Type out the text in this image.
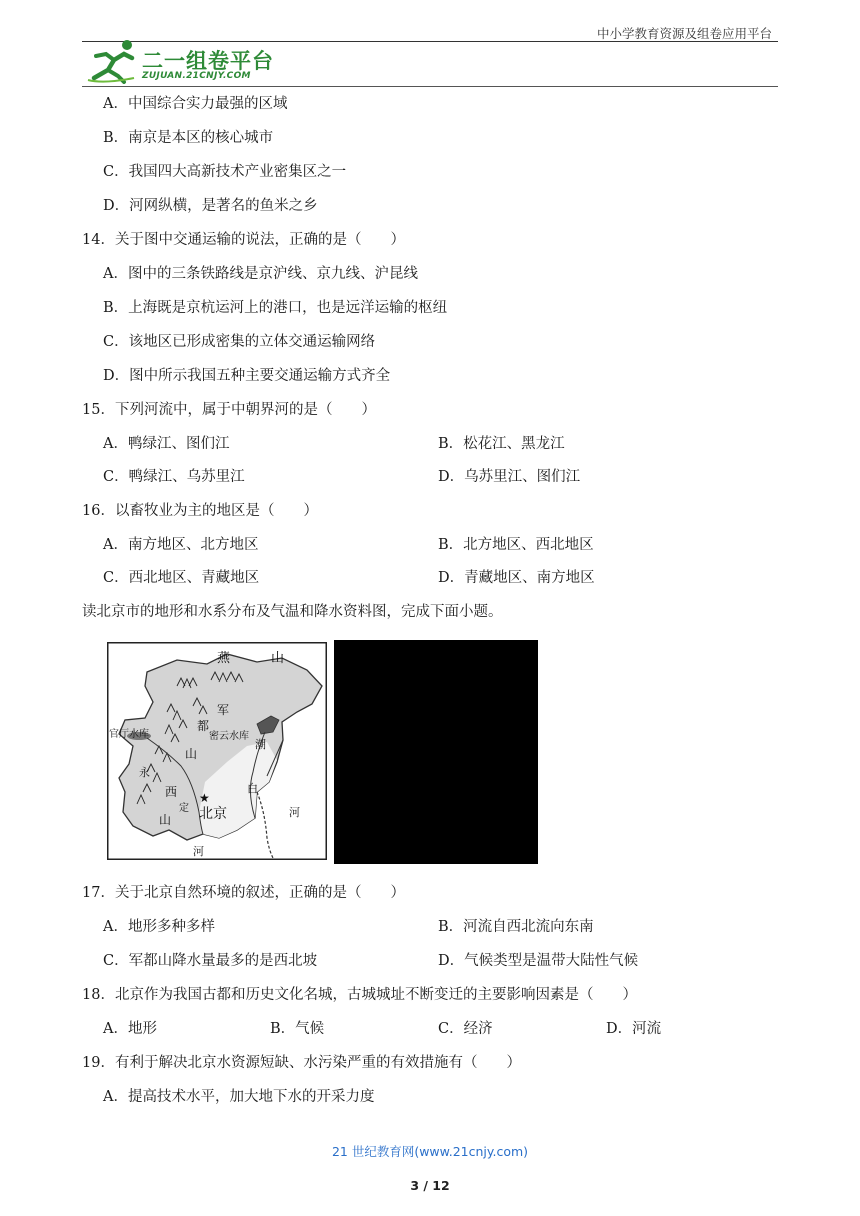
中小学教育资源及组卷应用平台
二一组卷平台
ZUJUAN.21CNJY.COM
A．中国综合实力最强的区域
B．南京是本区的核心城市
C．我国四大高新技术产业密集区之一
D．河网纵横，是著名的鱼米之乡
14．关于图中交通运输的说法，正确的是（　　）
A．图中的三条铁路线是京沪线、京九线、沪昆线
B．上海既是京杭运河上的港口，也是远洋运输的枢纽
C．该地区已形成密集的立体交通运输网络
D．图中所示我国五种主要交通运输方式齐全
15．下列河流中，属于中朝界河的是（　　）
A．鸭绿江、图们江	B．松花江、黑龙江
C．鸭绿江、乌苏里江	D．乌苏里江、图们江
16．以畜牧业为主的地区是（　　）
A．南方地区、北方地区	B．北方地区、西北地区
C．西北地区、青藏地区	D．青藏地区、南方地区
读北京市的地形和水系分布及气温和降水资料图，完成下面小题。
燕	山
军
都
山
官厅水库	密云水库
潮
永
西
定
山
★
北京
白
河
河
17．关于北京自然环境的叙述，正确的是（　　）
A．地形多种多样	B．河流自西北流向东南
C．军都山降水量最多的是西北坡	D．气候类型是温带大陆性气候
18．北京作为我国古都和历史文化名城，古城城址不断变迁的主要影响因素是（　　）
A．地形	B．气候	C．经济	D．河流
19．有利于解决北京水资源短缺、水污染严重的有效措施有（　　）
A．提高技术水平，加大地下水的开采力度
21 世纪教育网(www.21cnjy.com)
3 / 12
